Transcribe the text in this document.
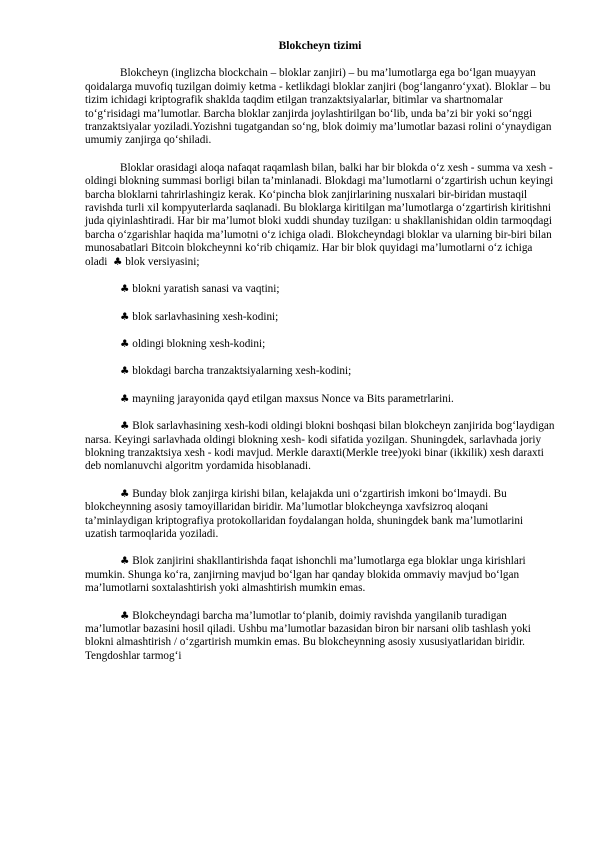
Blokcheyn tizimi

Blokcheyn (inglizcha blockchain – bloklar zanjiri) – bu ma’lumotlarga ega bo‘lgan muayyan qoidalarga muvofiq tuzilgan doimiy ketma - ketlikdagi bloklar zanjiri (bog‘langanro‘yxat). Bloklar – bu tizim ichidagi kriptografik shaklda taqdim etilgan tranzaktsiyalarlar, bitimlar va shartnomalar to‘g‘risidagi ma’lumotlar. Barcha bloklar zanjirda joylashtirilgan bo‘lib, unda ba’zi bir yoki so‘nggi tranzaktsiyalar yoziladi.Yozishni tugatgandan so‘ng, blok doimiy ma’lumotlar bazasi rolini o‘ynaydigan umumiy zanjirga qo‘shiladi.

Bloklar orasidagi aloqa nafaqat raqamlash bilan, balki har bir blokda o‘z xesh - summa va xesh - oldingi blokning summasi borligi bilan ta’minlanadi. Blokdagi ma’lumotlarni o‘zgartirish uchun keyingi barcha bloklarni tahrirlashingiz kerak. Ko‘pincha blok zanjirlarining nusxalari bir-biridan mustaqil ravishda turli xil kompyuterlarda saqlanadi. Bu bloklarga kiritilgan ma’lumotlarga o‘zgartirish kiritishni juda qiyinlashtiradi. Har bir ma’lumot bloki xuddi shunday tuzilgan: u shakllanishidan oldin tarmoqdagi barcha o‘zgarishlar haqida ma’lumotni o‘z ichiga oladi. Blokcheyndagi bloklar va ularning bir-biri bilan munosabatlari Bitcoin blokcheynni ko‘rib chiqamiz. Har bir blok quyidagi ma’lumotlarni o‘z ichiga oladi ♣ blok versiyasini;

♣ blokni yaratish sanasi va vaqtini;

♣ blok sarlavhasining xesh-kodini;

♣ oldingi blokning xesh-kodini;

♣ blokdagi barcha tranzaktsiyalarning xesh-kodini;

♣ mayniing jarayonida qayd etilgan maxsus Nonce va Bits parametrlarini.

♣ Blok sarlavhasining xesh-kodi oldingi blokni boshqasi bilan blokcheyn zanjirida bog‘laydigan narsa. Keyingi sarlavhada oldingi blokning xesh- kodi sifatida yozilgan. Shuningdek, sarlavhada joriy blokning tranzaktsiya xesh - kodi mavjud. Merkle daraxti(Merkle tree)yoki binar (ikkilik) xesh daraxti deb nomlanuvchi algoritm yordamida hisoblanadi.

♣ Bunday blok zanjirga kirishi bilan, kelajakda uni o‘zgartirish imkoni bo‘lmaydi. Bu blokcheynning asosiy tamoyillaridan biridir. Ma’lumotlar blokcheynga xavfsizroq aloqani ta’minlaydigan kriptografiya protokollaridan foydalangan holda, shuningdek bank ma’lumotlarini uzatish tarmoqlarida yoziladi.

♣ Blok zanjirini shakllantirishda faqat ishonchli ma’lumotlarga ega bloklar unga kirishlari mumkin. Shunga ko‘ra, zanjirning mavjud bo‘lgan har qanday blokida ommaviy mavjud bo‘lgan ma’lumotlarni soxtalashtirish yoki almashtirish mumkin emas.

♣ Blokcheyndagi barcha ma’lumotlar to‘planib, doimiy ravishda yangilanib turadigan ma’lumotlar bazasini hosil qiladi. Ushbu ma’lumotlar bazasidan biron bir narsani olib tashlash yoki blokni almashtirish / o‘zgartirish mumkin emas. Bu blokcheynning asosiy xususiyatlaridan biridir. Tengdoshlar tarmog‘i
